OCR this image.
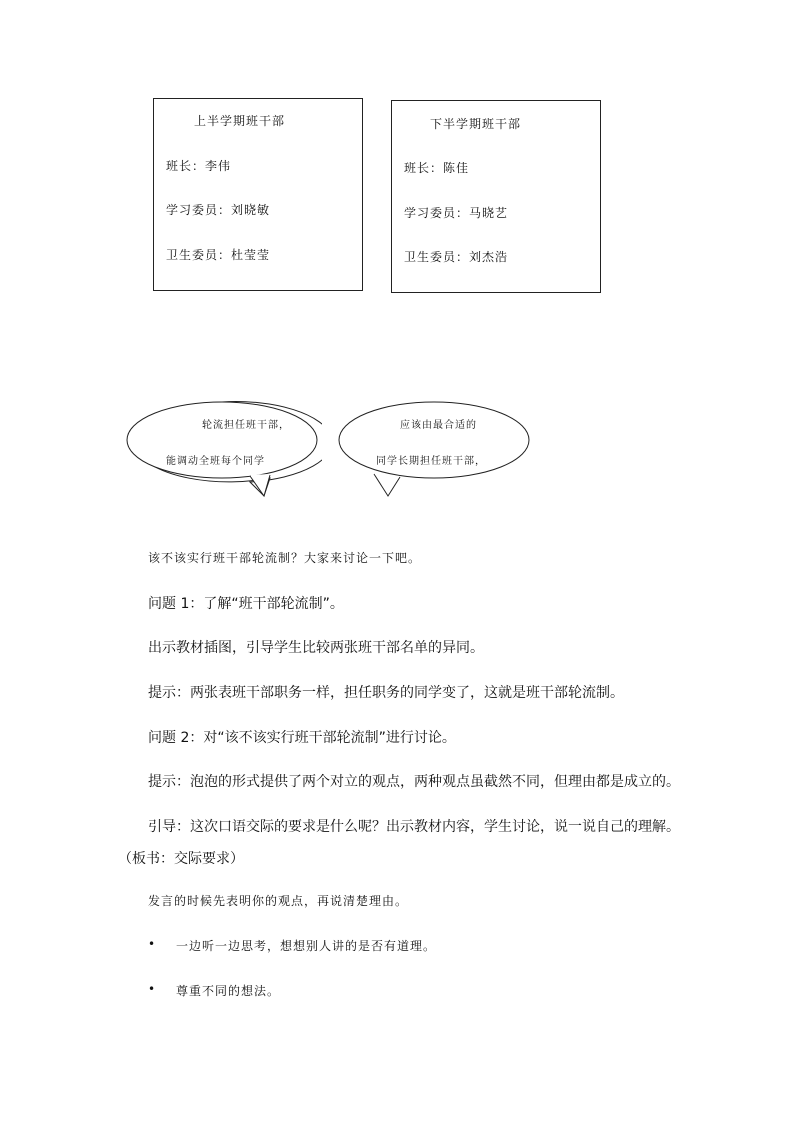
上半学期班干部
班长：李伟
学习委员：刘晓敏
卫生委员：杜莹莹
下半学期班干部
班长：陈佳
学习委员：马晓艺
卫生委员：刘杰浩
轮流担任班干部，
能调动全班每个同学
应该由最合适的
同学长期担任班干部，
该不该实行班干部轮流制？大家来讨论一下吧。
问题 1：了解“班干部轮流制”。
出示教材插图，引导学生比较两张班干部名单的异同。
提示：两张表班干部职务一样，担任职务的同学变了，这就是班干部轮流制。
问题 2：对“该不该实行班干部轮流制”进行讨论。
提示：泡泡的形式提供了两个对立的观点，两种观点虽截然不同，但理由都是成立的。
引导：这次口语交际的要求是什么呢？出示教材内容，学生讨论，说一说自己的理解。
（板书：交际要求）
发言的时候先表明你的观点，再说清楚理由。
• 一边听一边思考，想想别人讲的是否有道理。
• 尊重不同的想法。
